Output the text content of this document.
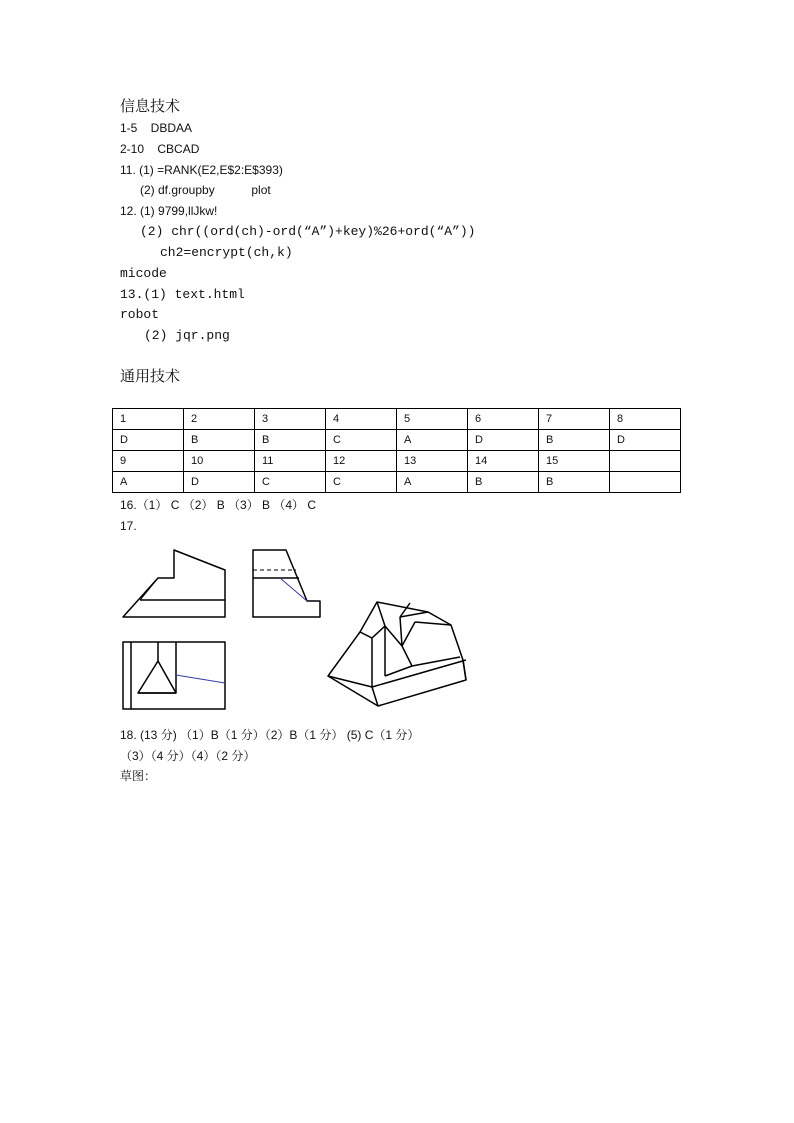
信息技术
1-5    DBDAA
2-10    CBCAD
11. (1) =RANK(E2,E$2:E$393)
(2) df.groupby           plot
12. (1) 9799,llJkw!
(2) chr((ord(ch)-ord(“A”)+key)%26+ord(“A”))
ch2=encrypt(ch,k)
micode
13.(1) text.html
robot
(2) jqr.png
通用技术
1	2	3	4	5	6	7	8
D	B	B	C	A	D	B	D
9	10	11	12	13	14	15	
A	D	C	C	A	B	B	
16.（1） C （2） B （3） B （4） C
17.
18. (13 分) （1）B（1 分）（2）B（1 分） (5) C（1 分）
（3）（4 分）（4）（2 分）
草图：
